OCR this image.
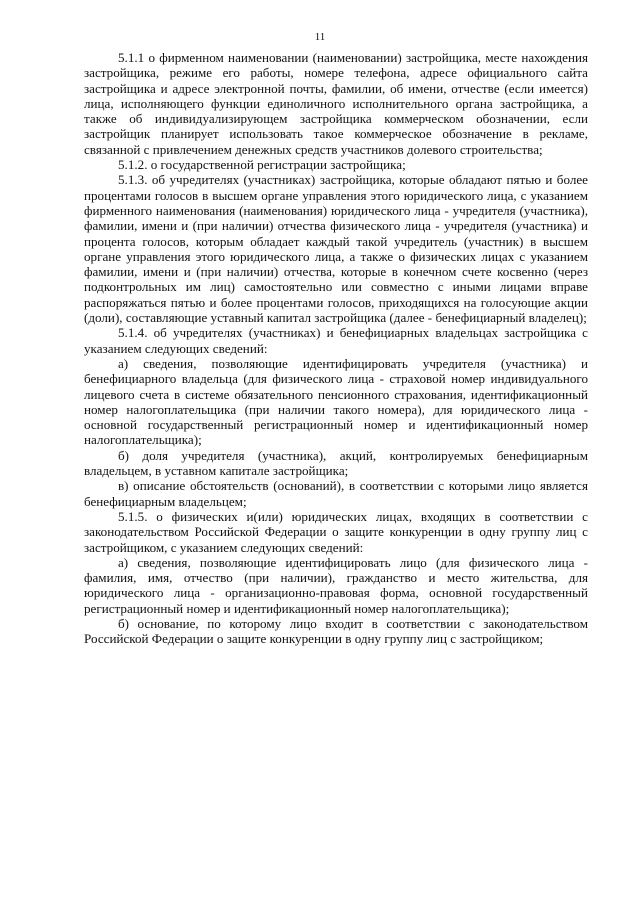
11

5.1.1 о фирменном наименовании (наименовании) застройщика, месте нахождения застройщика, режиме его работы, номере телефона, адресе официального сайта застройщика и адресе электронной почты, фамилии, об имени, отчестве (если имеется) лица, исполняющего функции единоличного исполнительного органа застройщика, а также об индивидуализирующем застройщика коммерческом обозначении, если застройщик планирует использовать такое коммерческое обозначение в рекламе, связанной с привлечением денежных средств участников долевого строительства;

5.1.2. о государственной регистрации застройщика;

5.1.3. об учредителях (участниках) застройщика, которые обладают пятью и более процентами голосов в высшем органе управления этого юридического лица, с указанием фирменного наименования (наименования) юридического лица - учредителя (участника), фамилии, имени и (при наличии) отчества физического лица - учредителя (участника) и процента голосов, которым обладает каждый такой учредитель (участник) в высшем органе управления этого юридического лица, а также о физических лицах с указанием фамилии, имени и (при наличии) отчества, которые в конечном счете косвенно (через подконтрольных им лиц) самостоятельно или совместно с иными лицами вправе распоряжаться пятью и более процентами голосов, приходящихся на голосующие акции (доли), составляющие уставный капитал застройщика (далее - бенефициарный владелец);

5.1.4. об учредителях (участниках) и бенефициарных владельцах застройщика с указанием следующих сведений:

а) сведения, позволяющие идентифицировать учредителя (участника) и бенефициарного владельца (для физического лица - страховой номер индивидуального лицевого счета в системе обязательного пенсионного страхования, идентификационный номер налогоплательщика (при наличии такого номера), для юридического лица - основной государственный регистрационный номер и идентификационный номер налогоплательщика);

б) доля учредителя (участника), акций, контролируемых бенефициарным владельцем, в уставном капитале застройщика;

в) описание обстоятельств (оснований), в соответствии с которыми лицо является бенефициарным владельцем;

5.1.5. о физических и(или) юридических лицах, входящих в соответствии с законодательством Российской Федерации о защите конкуренции в одну группу лиц с застройщиком, с указанием следующих сведений:

а) сведения, позволяющие идентифицировать лицо (для физического лица - фамилия, имя, отчество (при наличии), гражданство и место жительства, для юридического лица - организационно-правовая форма, основной государственный регистрационный номер и идентификационный номер налогоплательщика);

б) основание, по которому лицо входит в соответствии с законодательством Российской Федерации о защите конкуренции в одну группу лиц с застройщиком;
